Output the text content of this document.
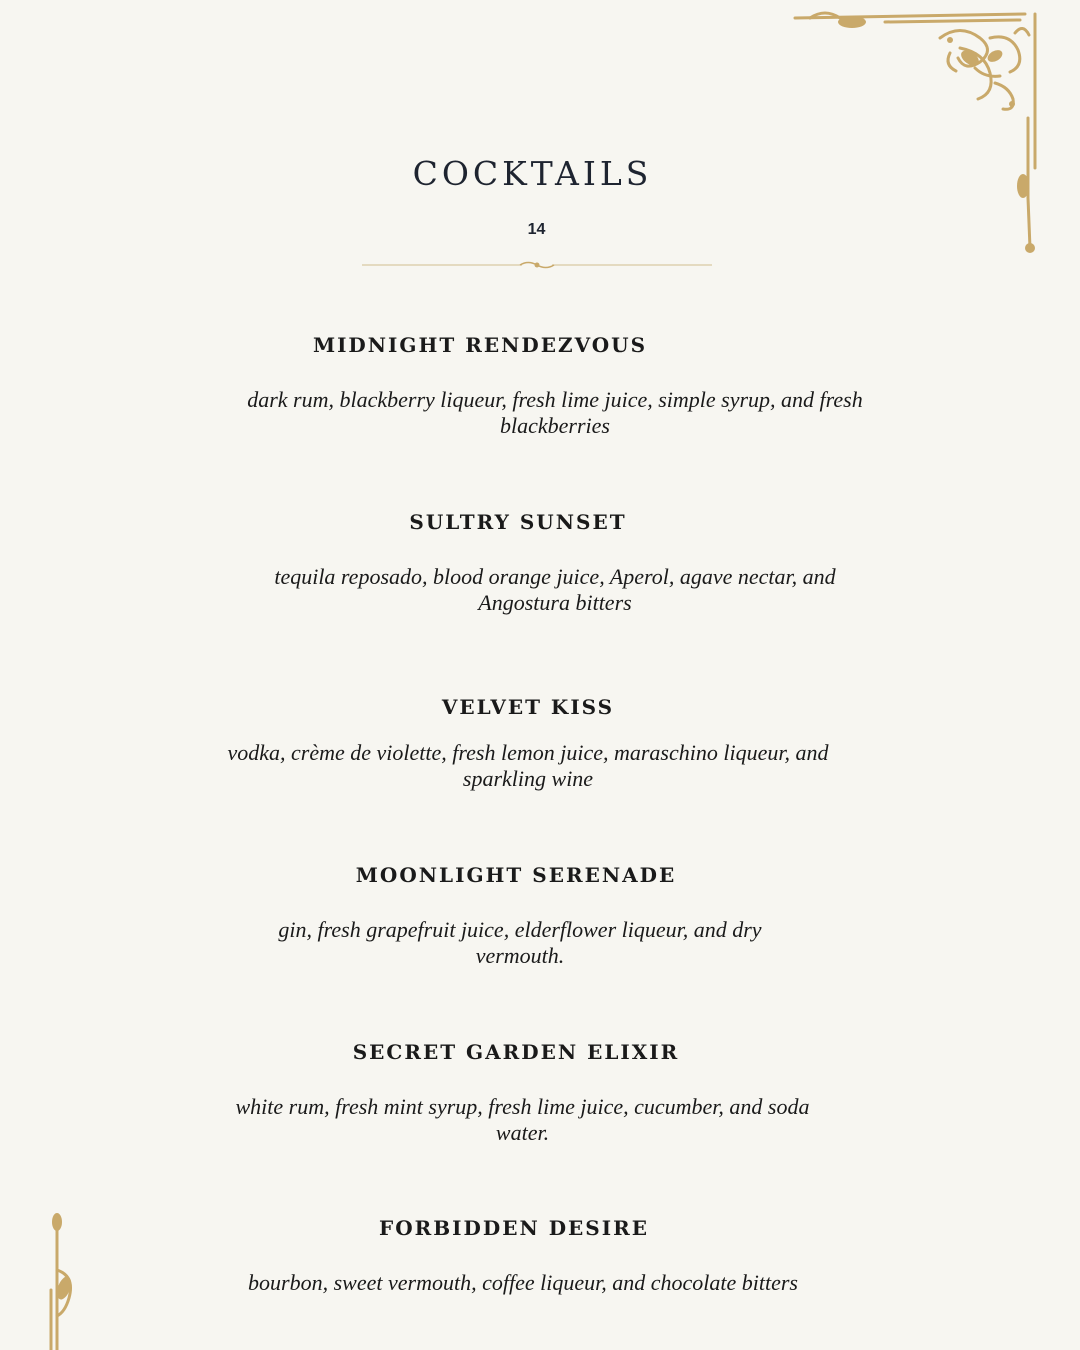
COCKTAILS
14
MIDNIGHT RENDEZVOUS
dark rum, blackberry liqueur, fresh lime juice, simple syrup, and fresh blackberries
SULTRY SUNSET
tequila reposado, blood orange juice, Aperol, agave nectar, and Angostura bitters
VELVET KISS
vodka, crème de violette, fresh lemon juice, maraschino liqueur, and sparkling wine
MOONLIGHT SERENADE
gin, fresh grapefruit juice, elderflower liqueur, and dry vermouth.
SECRET GARDEN ELIXIR
white rum, fresh mint syrup, fresh lime juice, cucumber, and soda water.
FORBIDDEN DESIRE
bourbon, sweet vermouth, coffee liqueur, and chocolate bitters
